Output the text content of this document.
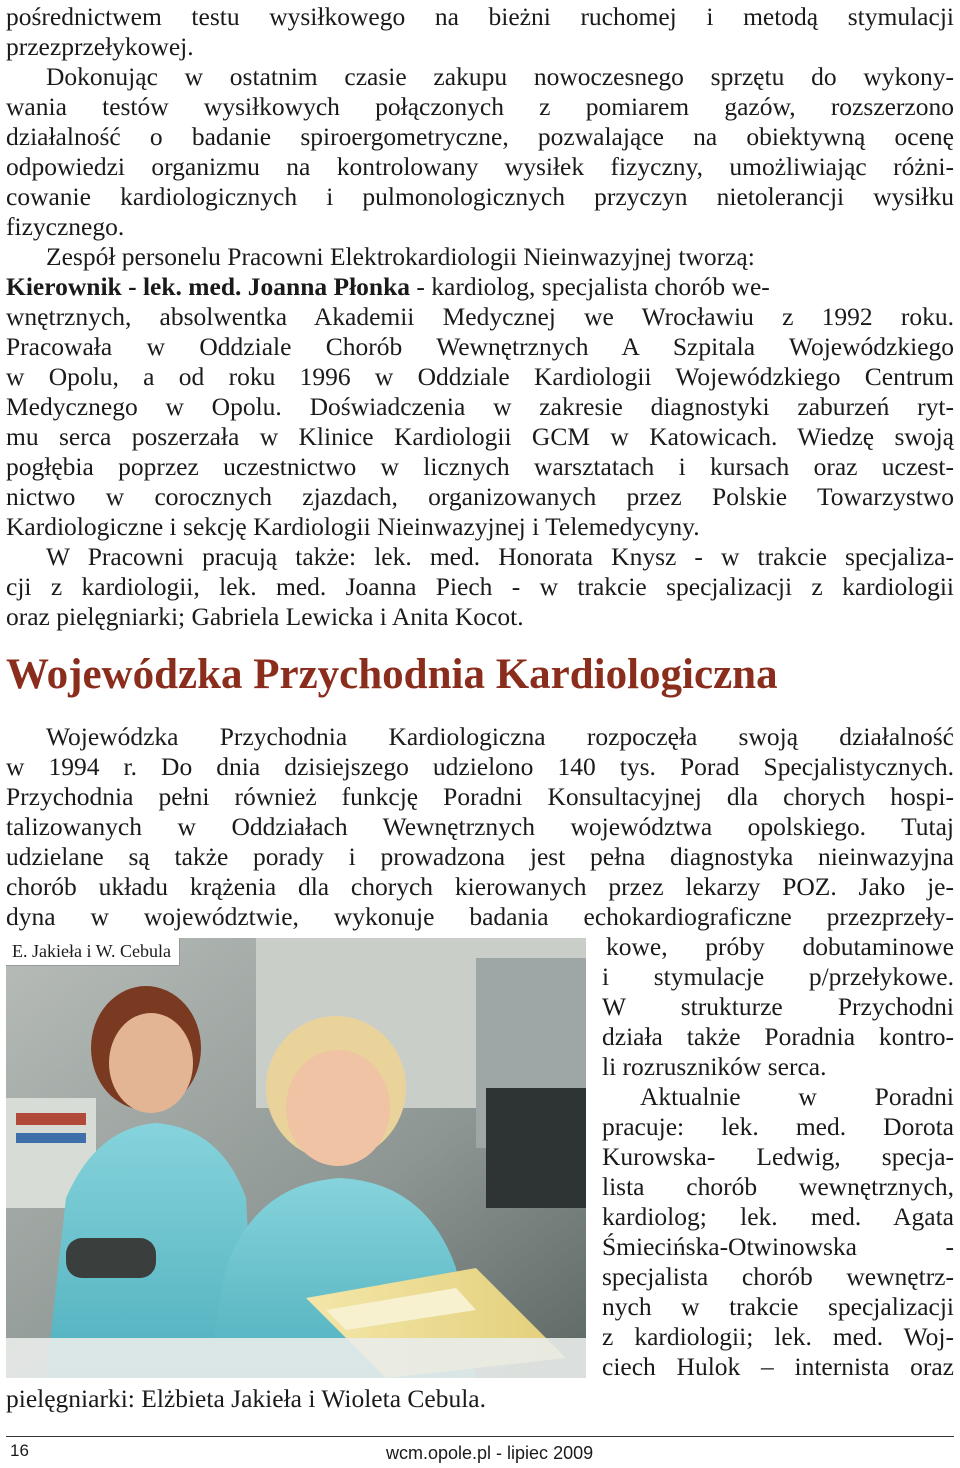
pośrednictwem testu wysiłkowego na bieżni ruchomej i metodą stymulacji
przezprzełykowej.
Dokonując w ostatnim czasie zakupu nowoczesnego sprzętu do wykony-
wania testów wysiłkowych połączonych z pomiarem gazów, rozszerzono
działalność o badanie spiroergometryczne, pozwalające na obiektywną ocenę
odpowiedzi organizmu na kontrolowany wysiłek fizyczny, umożliwiając różni-
cowanie kardiologicznych i pulmonologicznych przyczyn nietolerancji wysiłku
fizycznego.
Zespół personelu Pracowni Elektrokardiologii Nieinwazyjnej tworzą:
Kierownik - lek. med. Joanna Płonka - kardiolog, specjalista chorób we-
wnętrznych, absolwentka Akademii Medycznej we Wrocławiu z 1992 roku.
Pracowała w Oddziale Chorób Wewnętrznych A Szpitala Wojewódzkiego
w Opolu, a od roku 1996 w Oddziale Kardiologii Wojewódzkiego Centrum
Medycznego w Opolu. Doświadczenia w zakresie diagnostyki zaburzeń ryt-
mu serca poszerzała w Klinice Kardiologii GCM w Katowicach. Wiedzę swoją
pogłębia poprzez uczestnictwo w licznych warsztatach i kursach oraz uczest-
nictwo w corocznych zjazdach, organizowanych przez Polskie Towarzystwo
Kardiologiczne i sekcję Kardiologii Nieinwazyjnej i Telemedycyny.
W Pracowni pracują także: lek. med. Honorata Knysz - w trakcie specjaliza-
cji z kardiologii, lek. med. Joanna Piech - w trakcie specjalizacji z kardiologii
oraz pielęgniarki; Gabriela Lewicka i Anita Kocot.
Wojewódzka Przychodnia Kardiologiczna
Wojewódzka Przychodnia Kardiologiczna rozpoczęła swoją działalność
w 1994 r. Do dnia dzisiejszego udzielono 140 tys. Porad Specjalistycznych.
Przychodnia pełni również funkcję Poradni Konsultacyjnej dla chorych hospi-
talizowanych w Oddziałach Wewnętrznych województwa opolskiego. Tutaj
udzielane są także porady i prowadzona jest pełna diagnostyka nieinwazyjna
chorób układu krążenia dla chorych kierowanych przez lekarzy POZ. Jako je-
dyna w województwie, wykonuje badania echokardiograficzne przezprzeły-
kowe, próby dobutaminowe
i stymulacje p/przełykowe.
W strukturze Przychodni
działa także Poradnia kontro-
li rozruszników serca.
Aktualnie w Poradni
pracuje: lek. med. Dorota
Kurowska- Ledwig, specja-
lista chorób wewnętrznych,
kardiolog; lek. med. Agata
Śmiecińska-Otwinowska -
specjalista chorób wewnętrz-
nych w trakcie specjalizacji
z kardiologii; lek. med. Woj-
ciech Hulok – internista oraz
pielęgniarki: Elżbieta Jakieła i Wioleta Cebula.
E. Jakieła i W. Cebula
16	wcm.opole.pl - lipiec 2009
